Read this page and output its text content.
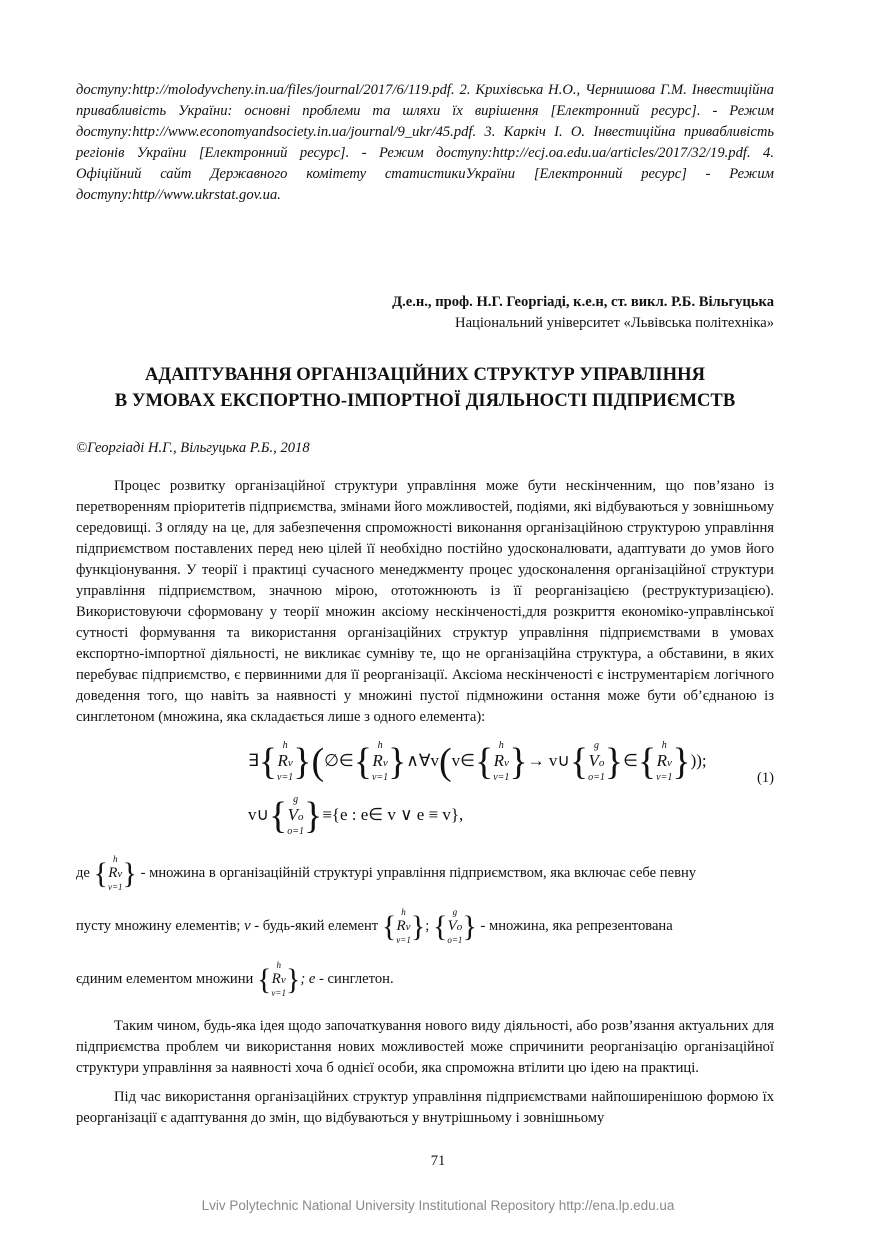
доступу:http://molodyvcheny.in.ua/files/journal/2017/6/119.pdf. 2. Крихівська Н.О., Чернишова Г.М. Інвестиційна привабливість України: основні проблеми та шляхи їх вирішення [Електронний ресурс]. - Режим доступу:http://www.economyandsociety.in.ua/journal/9_ukr/45.pdf. 3. Каркіч І. О. Інвестиційна привабливість регіонів України [Електронний ресурс]. - Режим доступу:http://ecj.oa.edu.ua/articles/2017/32/19.pdf. 4. Офіційний сайт Державного комітету статистикиУкраїни [Електронний ресурс] - Режим доступу:http//www.ukrstat.gov.ua.

Д.е.н., проф. Н.Г. Георгіаді, к.е.н, ст. викл. Р.Б. Вільгуцька
Національний університет «Львівська політехніка»
АДАПТУВАННЯ ОРГАНІЗАЦІЙНИХ СТРУКТУР УПРАВЛІННЯ
В УМОВАХ ЕКСПОРТНО-ІМПОРТНОЇ ДІЯЛЬНОСТІ ПІДПРИЄМСТВ
©Георгіаді Н.Г., Вільгуцька Р.Б., 2018

Процес розвитку організаційної структури управління може бути нескінченним, що пов’язано із перетворенням пріоритетів підприємства, змінами його можливостей, подіями, які відбуваються у зовнішньому середовищі. З огляду на це, для забезпечення спроможності виконання організаційною структурою управління підприємством поставлених перед нею цілей її необхідно постійно удосконалювати, адаптувати до умов його функціонування. У теорії і практиці сучасного менеджменту процес удосконалення організаційної структури управління підприємством, значною мірою, ототожнюють із її реорганізацією (реструктуризацією). Використовуючи сформовану у теорії множин аксіому нескінченості,для розкриття економіко-управлінської сутності формування та використання організаційних структур управління підприємствами в умовах експортно-імпортної діяльності, не викликає сумніву те, що не організаційна структура, а обставини, в яких перебуває підприємство, є первинними для її реорганізації. Аксіома нескінченості є інструментарієм логічного доведення того, що навіть за наявності у множині пустої підмножини остання може бути об’єднаною із синглетоном (множина, яка складається лише з одного елемента):

∃{ h
Rv
v=1 }(∅∈{ h
Rv
v=1 }∧∀v(v∈{ h
Rv
v=1 }→ v∪{ g
Vo
o=1 }∈{ h
Rv
v=1 }));
v∪{ g
Vo
o=1 }≡{e : e∈ v ∨ e ≡ v},
(1)
де { h
Rv
v=1 } - множина в організаційній структурі управління підприємством, яка включає себе певну
пусту множину елементів; v - будь-який елемент { h
Rv
v=1 }; { g
Vo
o=1 } - множина, яка репрезентована
єдиним елементом множини { h
Rv
v=1 }; e - синглетон.

Таким чином, будь-яка ідея щодо започаткування нового виду діяльності, або розв’язання актуальних для підприємства проблем чи використання нових можливостей може спричинити реорганізацію організаційної структури управління за наявності хоча б однієї особи, яка спроможна втілити цю ідею на практиці.

Під час використання організаційних структур управління підприємствами найпоширенішою формою їх реорганізації є адаптування до змін, що відбуваються у внутрішньому і зовнішньому

71
Lviv Polytechnic National University Institutional Repository http://ena.lp.edu.ua
